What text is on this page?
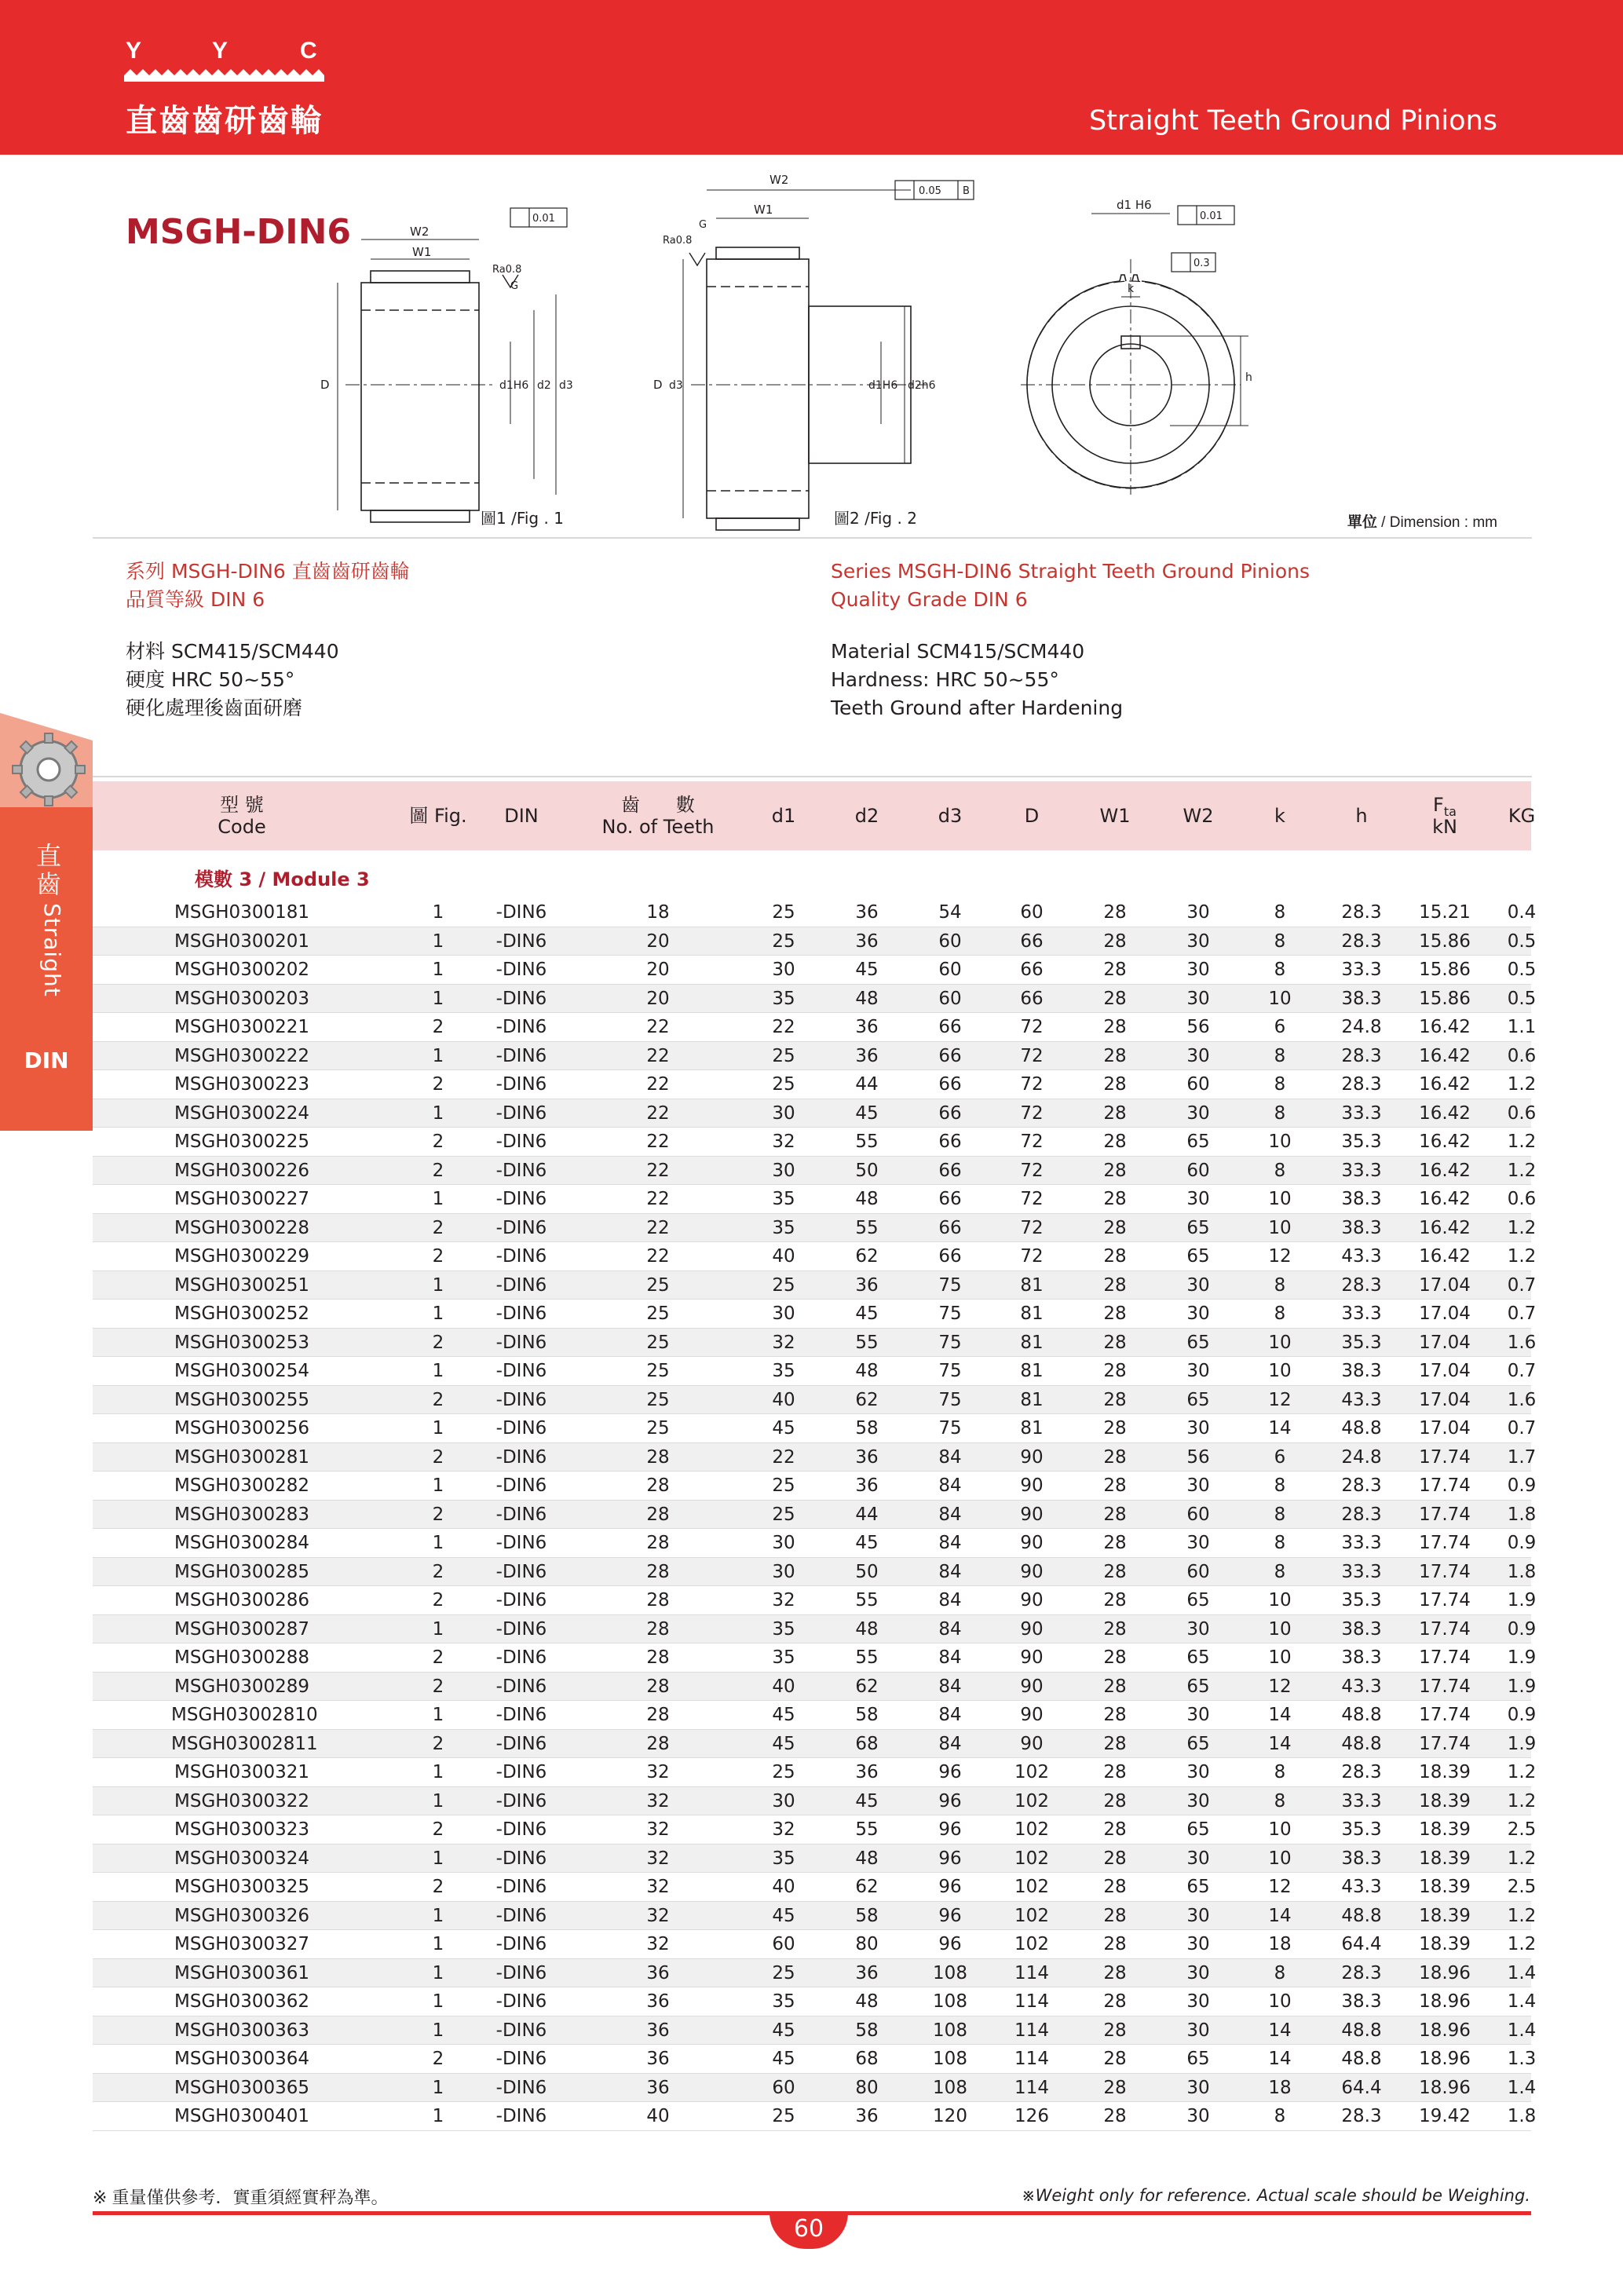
Y	Y	C
直齒齒研齒輪	Straight Teeth Ground Pinions
MSGH-DIN6	W2
W1
G
Ra0.8
0.01
D	d1H6 d2 d3
W2
W1
G
Ra0.8
0.05 B
D d3	d1H6 d2h6
d1 H6
k
0.01
0.3
h
圖1 /Fig . 1	圖2 /Fig . 2	單位 / Dimension : mm
系列 MSGH-DIN6 直齒齒研齒輪
品質等級 DIN 6
材料 SCM415/SCM440
硬度 HRC 50~55°
硬化處理後齒面研磨
Series MSGH-DIN6 Straight Teeth Ground Pinions
Quality Grade DIN 6
Material SCM415/SCM440
Hardness: HRC 50~55°
Teeth Ground after Hardening
直齒
Straight
DIN
型 號
Code	圖 Fig.	DIN	齒      數
No. of Teeth	d1	d2	d3	D	W1	W2	k	h	$F_{ta}$
kN	KG
模數 3 / Module 3
MSGH0300181	1	-DIN6	18	25	36	54	60	28	30	8	28.3	15.21	0.4
MSGH0300201	1	-DIN6	20	25	36	60	66	28	30	8	28.3	15.86	0.5
MSGH0300202	1	-DIN6	20	30	45	60	66	28	30	8	33.3	15.86	0.5
MSGH0300203	1	-DIN6	20	35	48	60	66	28	30	10	38.3	15.86	0.5
MSGH0300221	2	-DIN6	22	22	36	66	72	28	56	6	24.8	16.42	1.1
MSGH0300222	1	-DIN6	22	25	36	66	72	28	30	8	28.3	16.42	0.6
MSGH0300223	2	-DIN6	22	25	44	66	72	28	60	8	28.3	16.42	1.2
MSGH0300224	1	-DIN6	22	30	45	66	72	28	30	8	33.3	16.42	0.6
MSGH0300225	2	-DIN6	22	32	55	66	72	28	65	10	35.3	16.42	1.2
MSGH0300226	2	-DIN6	22	30	50	66	72	28	60	8	33.3	16.42	1.2
MSGH0300227	1	-DIN6	22	35	48	66	72	28	30	10	38.3	16.42	0.6
MSGH0300228	2	-DIN6	22	35	55	66	72	28	65	10	38.3	16.42	1.2
MSGH0300229	2	-DIN6	22	40	62	66	72	28	65	12	43.3	16.42	1.2
MSGH0300251	1	-DIN6	25	25	36	75	81	28	30	8	28.3	17.04	0.7
MSGH0300252	1	-DIN6	25	30	45	75	81	28	30	8	33.3	17.04	0.7
MSGH0300253	2	-DIN6	25	32	55	75	81	28	65	10	35.3	17.04	1.6
MSGH0300254	1	-DIN6	25	35	48	75	81	28	30	10	38.3	17.04	0.7
MSGH0300255	2	-DIN6	25	40	62	75	81	28	65	12	43.3	17.04	1.6
MSGH0300256	1	-DIN6	25	45	58	75	81	28	30	14	48.8	17.04	0.7
MSGH0300281	2	-DIN6	28	22	36	84	90	28	56	6	24.8	17.74	1.7
MSGH0300282	1	-DIN6	28	25	36	84	90	28	30	8	28.3	17.74	0.9
MSGH0300283	2	-DIN6	28	25	44	84	90	28	60	8	28.3	17.74	1.8
MSGH0300284	1	-DIN6	28	30	45	84	90	28	30	8	33.3	17.74	0.9
MSGH0300285	2	-DIN6	28	30	50	84	90	28	60	8	33.3	17.74	1.8
MSGH0300286	2	-DIN6	28	32	55	84	90	28	65	10	35.3	17.74	1.9
MSGH0300287	1	-DIN6	28	35	48	84	90	28	30	10	38.3	17.74	0.9
MSGH0300288	2	-DIN6	28	35	55	84	90	28	65	10	38.3	17.74	1.9
MSGH0300289	2	-DIN6	28	40	62	84	90	28	65	12	43.3	17.74	1.9
MSGH03002810	1	-DIN6	28	45	58	84	90	28	30	14	48.8	17.74	0.9
MSGH03002811	2	-DIN6	28	45	68	84	90	28	65	14	48.8	17.74	1.9
MSGH0300321	1	-DIN6	32	25	36	96	102	28	30	8	28.3	18.39	1.2
MSGH0300322	1	-DIN6	32	30	45	96	102	28	30	8	33.3	18.39	1.2
MSGH0300323	2	-DIN6	32	32	55	96	102	28	65	10	35.3	18.39	2.5
MSGH0300324	1	-DIN6	32	35	48	96	102	28	30	10	38.3	18.39	1.2
MSGH0300325	2	-DIN6	32	40	62	96	102	28	65	12	43.3	18.39	2.5
MSGH0300326	1	-DIN6	32	45	58	96	102	28	30	14	48.8	18.39	1.2
MSGH0300327	1	-DIN6	32	60	80	96	102	28	30	18	64.4	18.39	1.2
MSGH0300361	1	-DIN6	36	25	36	108	114	28	30	8	28.3	18.96	1.4
MSGH0300362	1	-DIN6	36	35	48	108	114	28	30	10	38.3	18.96	1.4
MSGH0300363	1	-DIN6	36	45	58	108	114	28	30	14	48.8	18.96	1.4
MSGH0300364	2	-DIN6	36	45	68	108	114	28	65	14	48.8	18.96	1.3
MSGH0300365	1	-DIN6	36	60	80	108	114	28	30	18	64.4	18.96	1.4
MSGH0300401	1	-DIN6	40	25	36	120	126	28	30	8	28.3	19.42	1.8
※ 重量僅供參考．實重須經實秤為準。	※Weight only for reference. Actual scale should be Weighing.
60
